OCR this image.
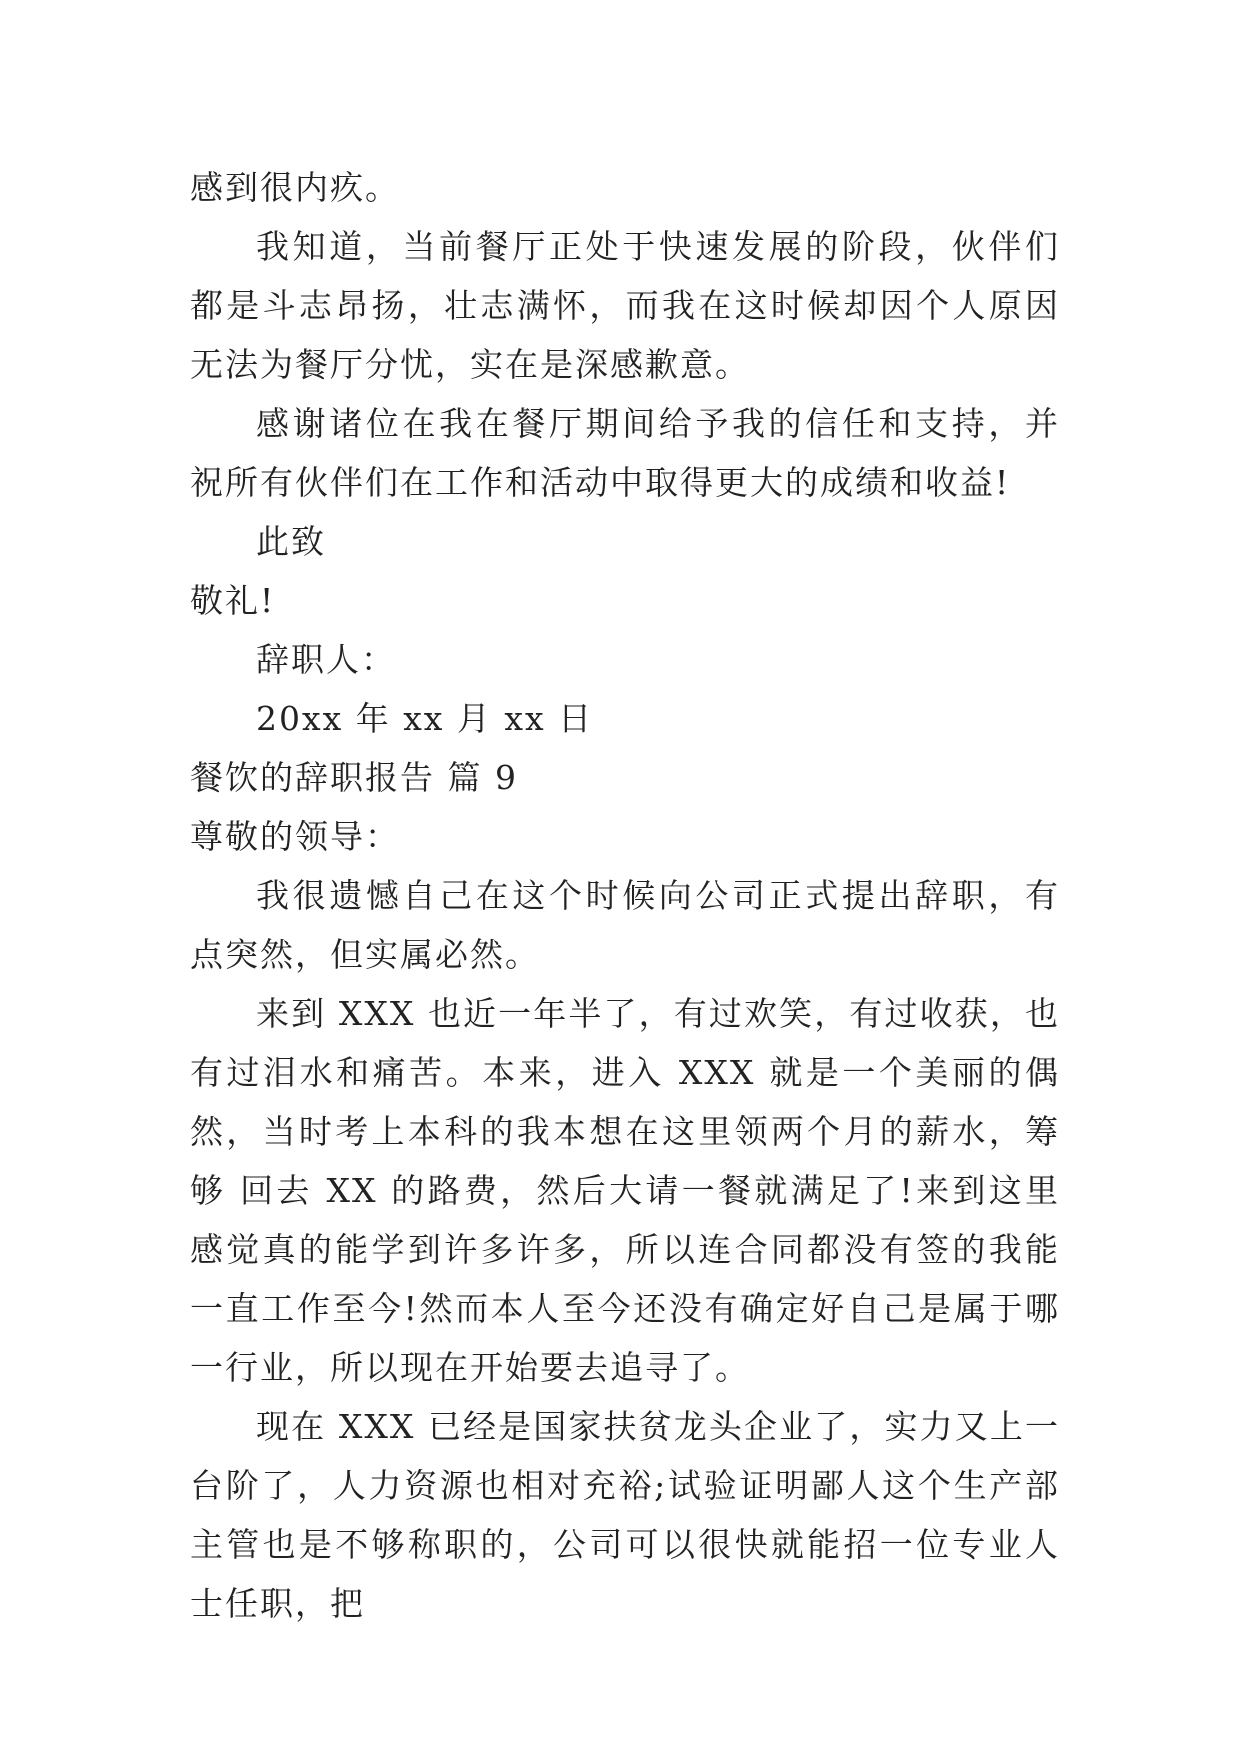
感到很内疚。

我知道，当前餐厅正处于快速发展的阶段，伙伴们都是斗志昂扬，壮志满怀，而我在这时候却因个人原因无法为餐厅分忧，实在是深感歉意。

感谢诸位在我在餐厅期间给予我的信任和支持，并祝所有伙伴们在工作和活动中取得更大的成绩和收益!

此致

敬礼!

辞职人：

20xx 年 xx 月 xx 日

餐饮的辞职报告 篇 9

尊敬的领导：

我很遗憾自己在这个时候向公司正式提出辞职，有点突然，但实属必然。

来到 XXX 也近一年半了，有过欢笑，有过收获，也有过泪水和痛苦。本来，进入 XXX 就是一个美丽的偶然，当时考上本科的我本想在这里领两个月的薪水，筹够 回去 XX 的路费，然后大请一餐就满足了!来到这里感觉真的能学到许多许多，所以连合同都没有签的我能一直工作至今!然而本人至今还没有确定好自己是属于哪一行业，所以现在开始要去追寻了。

现在 XXX 已经是国家扶贫龙头企业了，实力又上一台阶了，人力资源也相对充裕;试验证明鄙人这个生产部主管也是不够称职的，公司可以很快就能招一位专业人士任职，把
